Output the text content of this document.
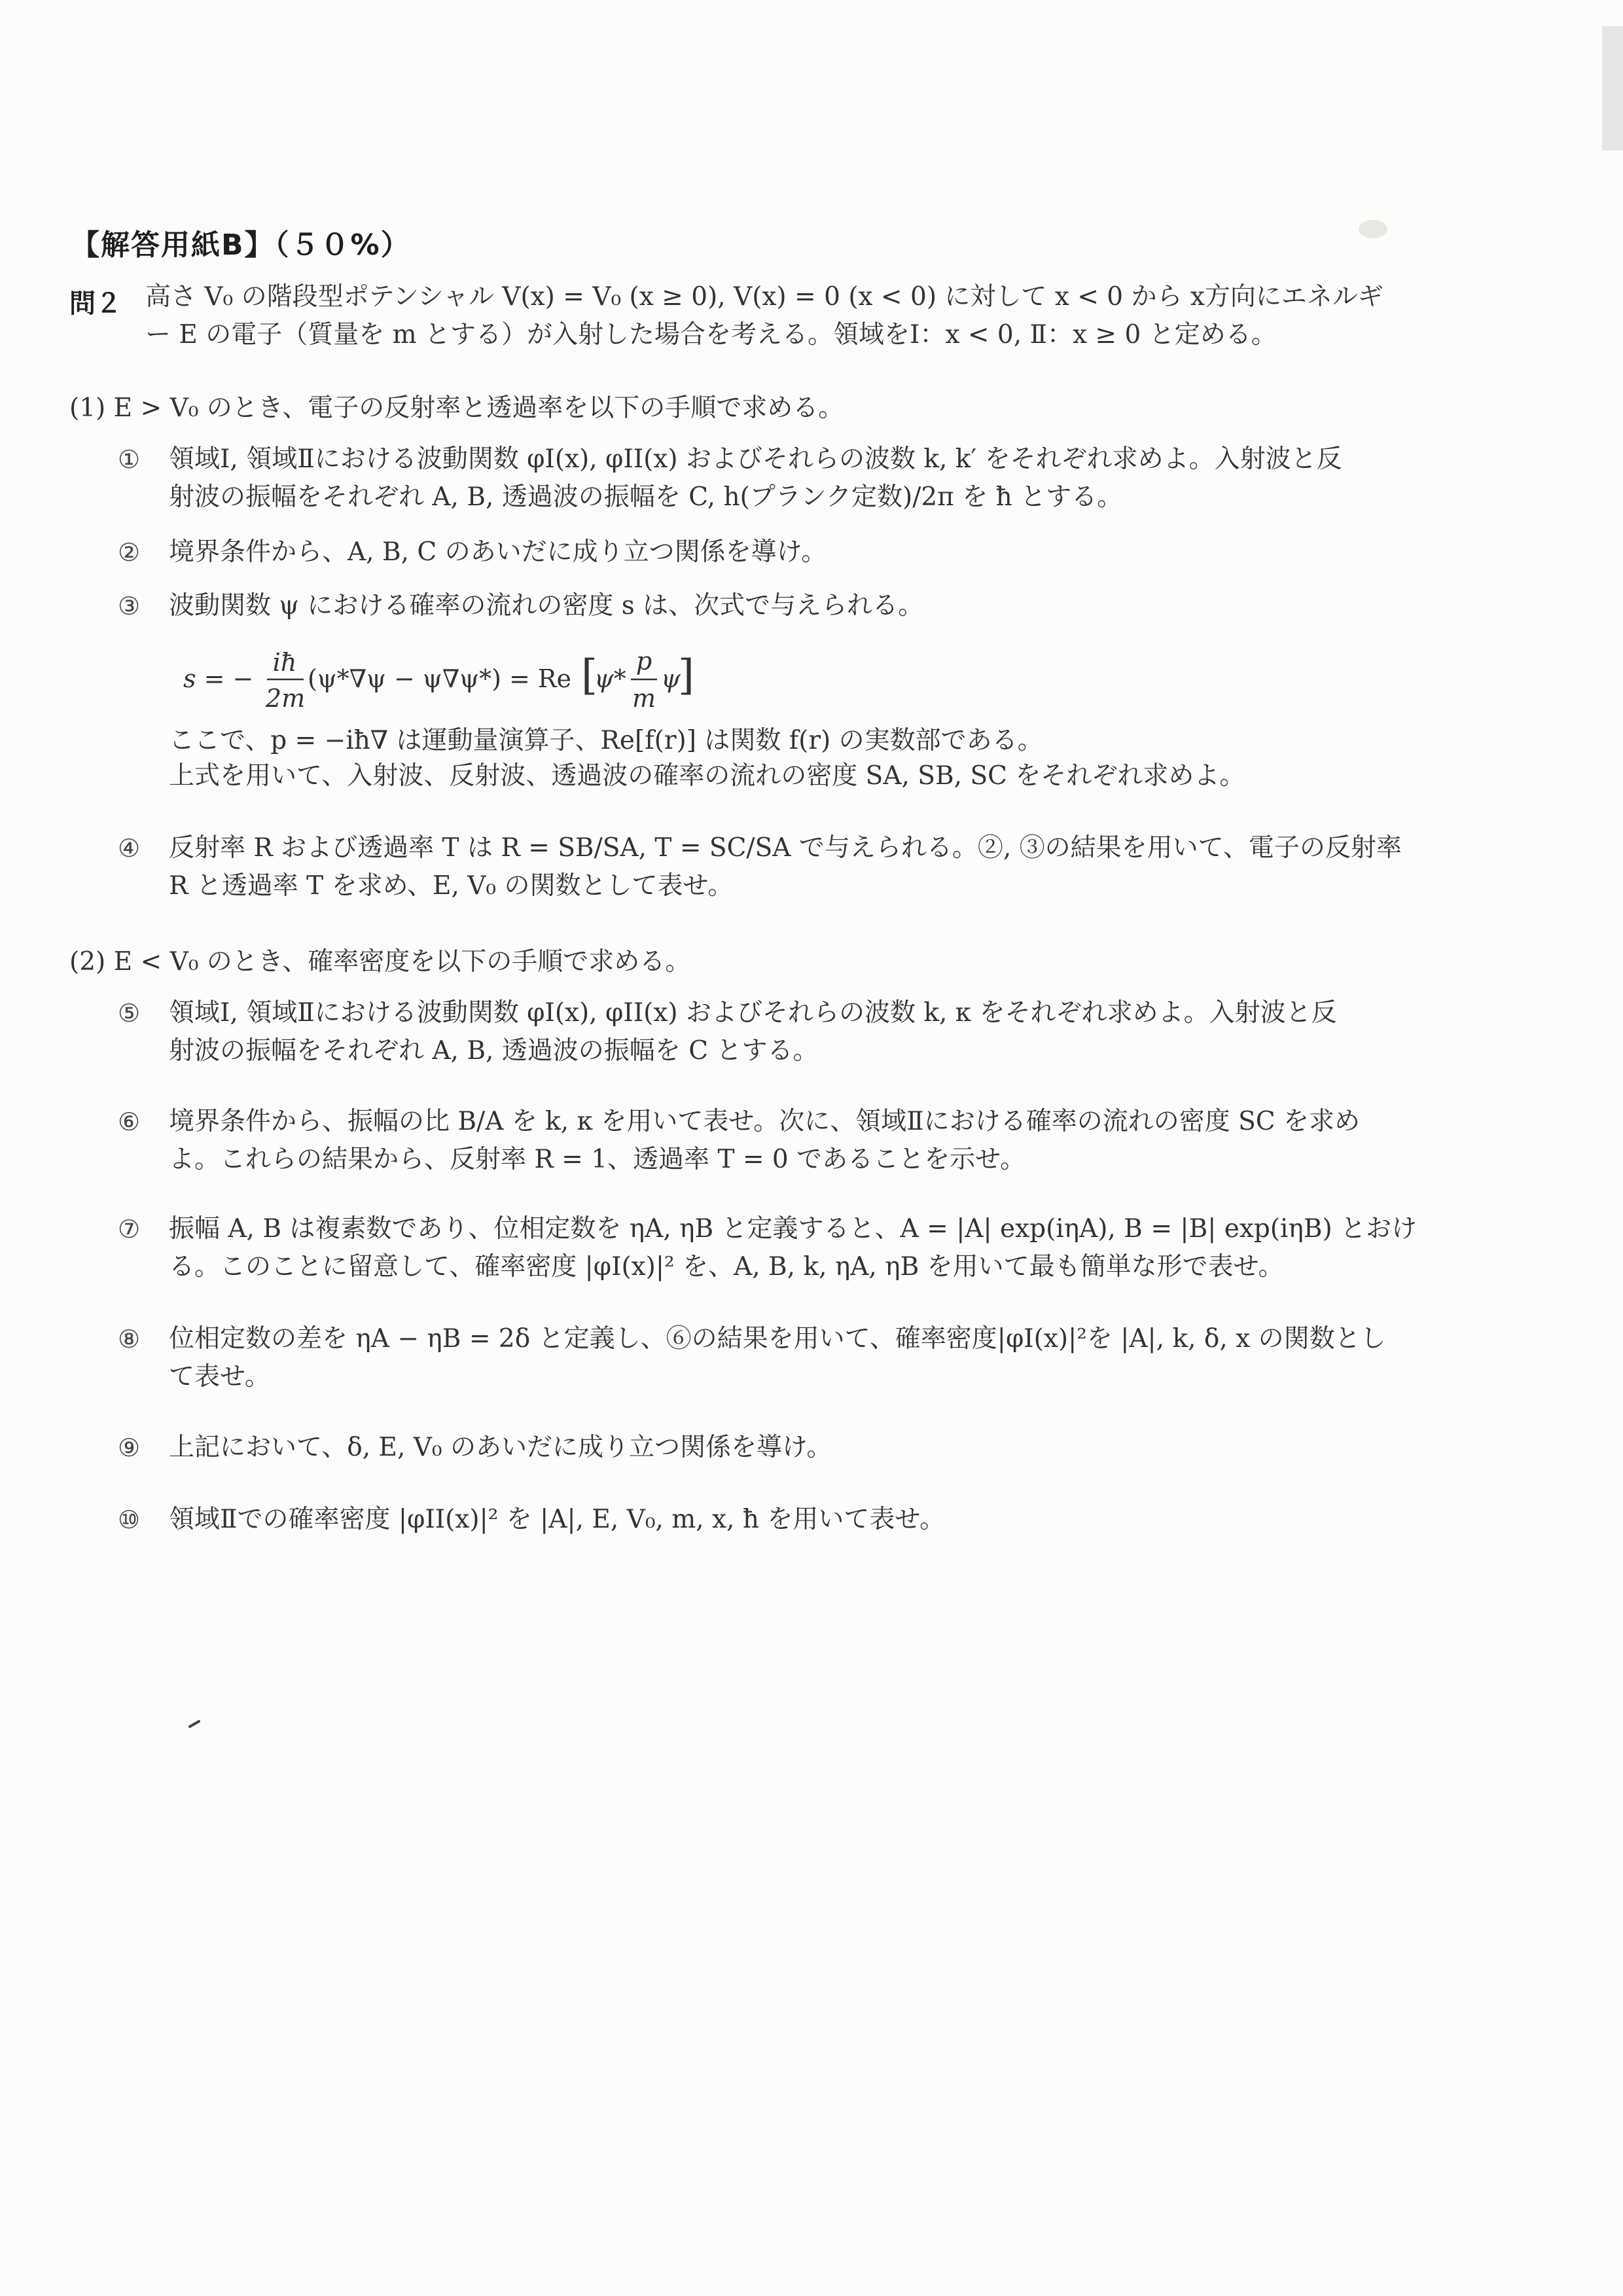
【解答用紙B】（５０%）
問２ 高さ V₀ の階段型ポテンシャル V(x) = V₀ (x ≥ 0), V(x) = 0 (x < 0) に対して x < 0 から x方向にエネルギ
ー E の電子（質量を m とする）が入射した場合を考える。領域をⅠ：x < 0, Ⅱ：x ≥ 0 と定める。
(1) E > V₀ のとき、電子の反射率と透過率を以下の手順で求める。
① 領域Ⅰ, 領域Ⅱにおける波動関数 φI(x), φII(x) およびそれらの波数 k, k′ をそれぞれ求めよ。入射波と反
射波の振幅をそれぞれ A, B, 透過波の振幅を C, h(プランク定数)/2π を ħ とする。
② 境界条件から、A, B, C のあいだに成り立つ関係を導け。
③ 波動関数 ψ における確率の流れの密度 s は、次式で与えられる。
s = −
iħ
2m
(ψ*∇ψ − ψ∇ψ*) = Re [
ψ*
p
m
ψ
]
ここで、p = −iħ∇ は運動量演算子、Re[f(r)] は関数 f(r) の実数部である。
上式を用いて、入射波、反射波、透過波の確率の流れの密度 SA, SB, SC をそれぞれ求めよ。
④ 反射率 R および透過率 T は R = SB/SA, T = SC/SA で与えられる。②, ③の結果を用いて、電子の反射率
R と透過率 T を求め、E, V₀ の関数として表せ。
(2) E < V₀ のとき、確率密度を以下の手順で求める。
⑤ 領域Ⅰ, 領域Ⅱにおける波動関数 φI(x), φII(x) およびそれらの波数 k, κ をそれぞれ求めよ。入射波と反
射波の振幅をそれぞれ A, B, 透過波の振幅を C とする。
⑥ 境界条件から、振幅の比 B/A を k, κ を用いて表せ。次に、領域Ⅱにおける確率の流れの密度 SC を求め
よ。これらの結果から、反射率 R = 1、透過率 T = 0 であることを示せ。
⑦ 振幅 A, B は複素数であり、位相定数を ηA, ηB と定義すると、A = |A| exp(iηA), B = |B| exp(iηB) とおけ
る。このことに留意して、確率密度 |φI(x)|² を、A, B, k, ηA, ηB を用いて最も簡単な形で表せ。
⑧ 位相定数の差を ηA − ηB = 2δ と定義し、⑥の結果を用いて、確率密度|φI(x)|²を |A|, k, δ, x の関数とし
て表せ。
⑨ 上記において、δ, E, V₀ のあいだに成り立つ関係を導け。
⑩ 領域Ⅱでの確率密度 |φII(x)|² を |A|, E, V₀, m, x, ħ を用いて表せ。
